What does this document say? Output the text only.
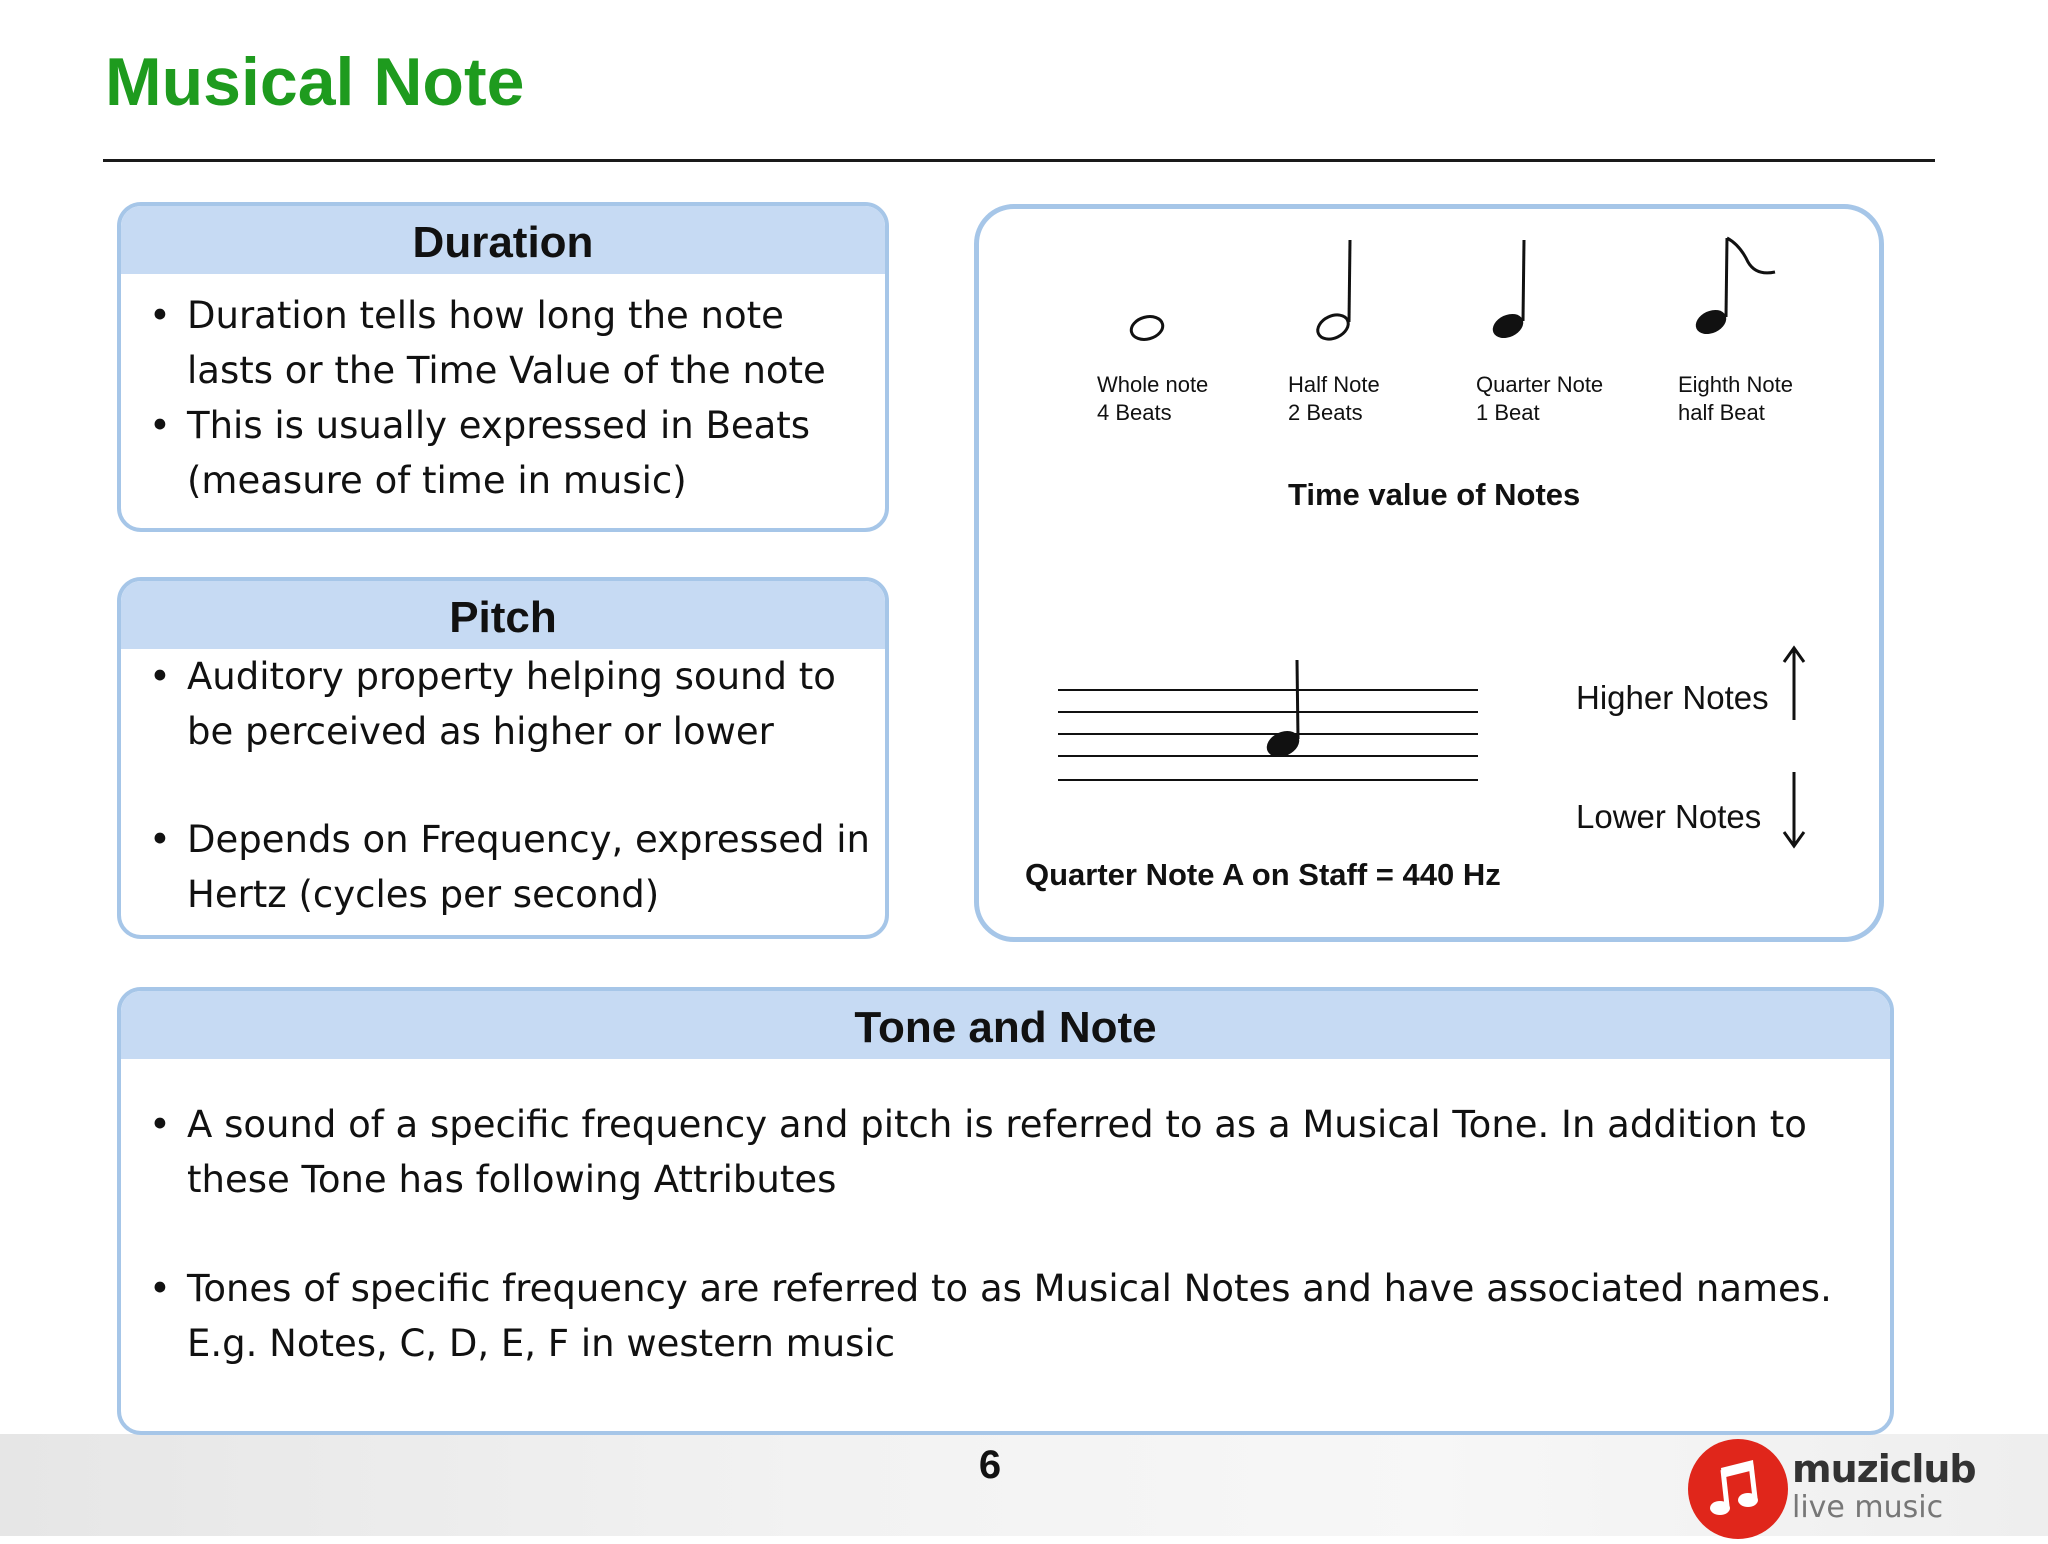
Musical Note
Duration
• Duration tells how long the note
lasts or the Time Value of the note
• This is usually expressed in Beats
(measure of time in music)
Pitch
• Auditory property helping sound to
be perceived as higher or lower
• Depends on Frequency, expressed in
Hertz (cycles per second)
Whole note
4 Beats
Half Note
2 Beats
Quarter Note
1 Beat
Eighth Note
half Beat
Time value of Notes
Quarter Note A on Staff = 440 Hz
Higher Notes
Lower Notes
Tone and Note
• A sound of a specific frequency and pitch is referred to as a Musical Tone. In addition to
these Tone has following Attributes
• Tones of specific frequency are referred to as Musical Notes and have associated names.
E.g. Notes, C, D, E, F in western music
6	muziclub
live music
